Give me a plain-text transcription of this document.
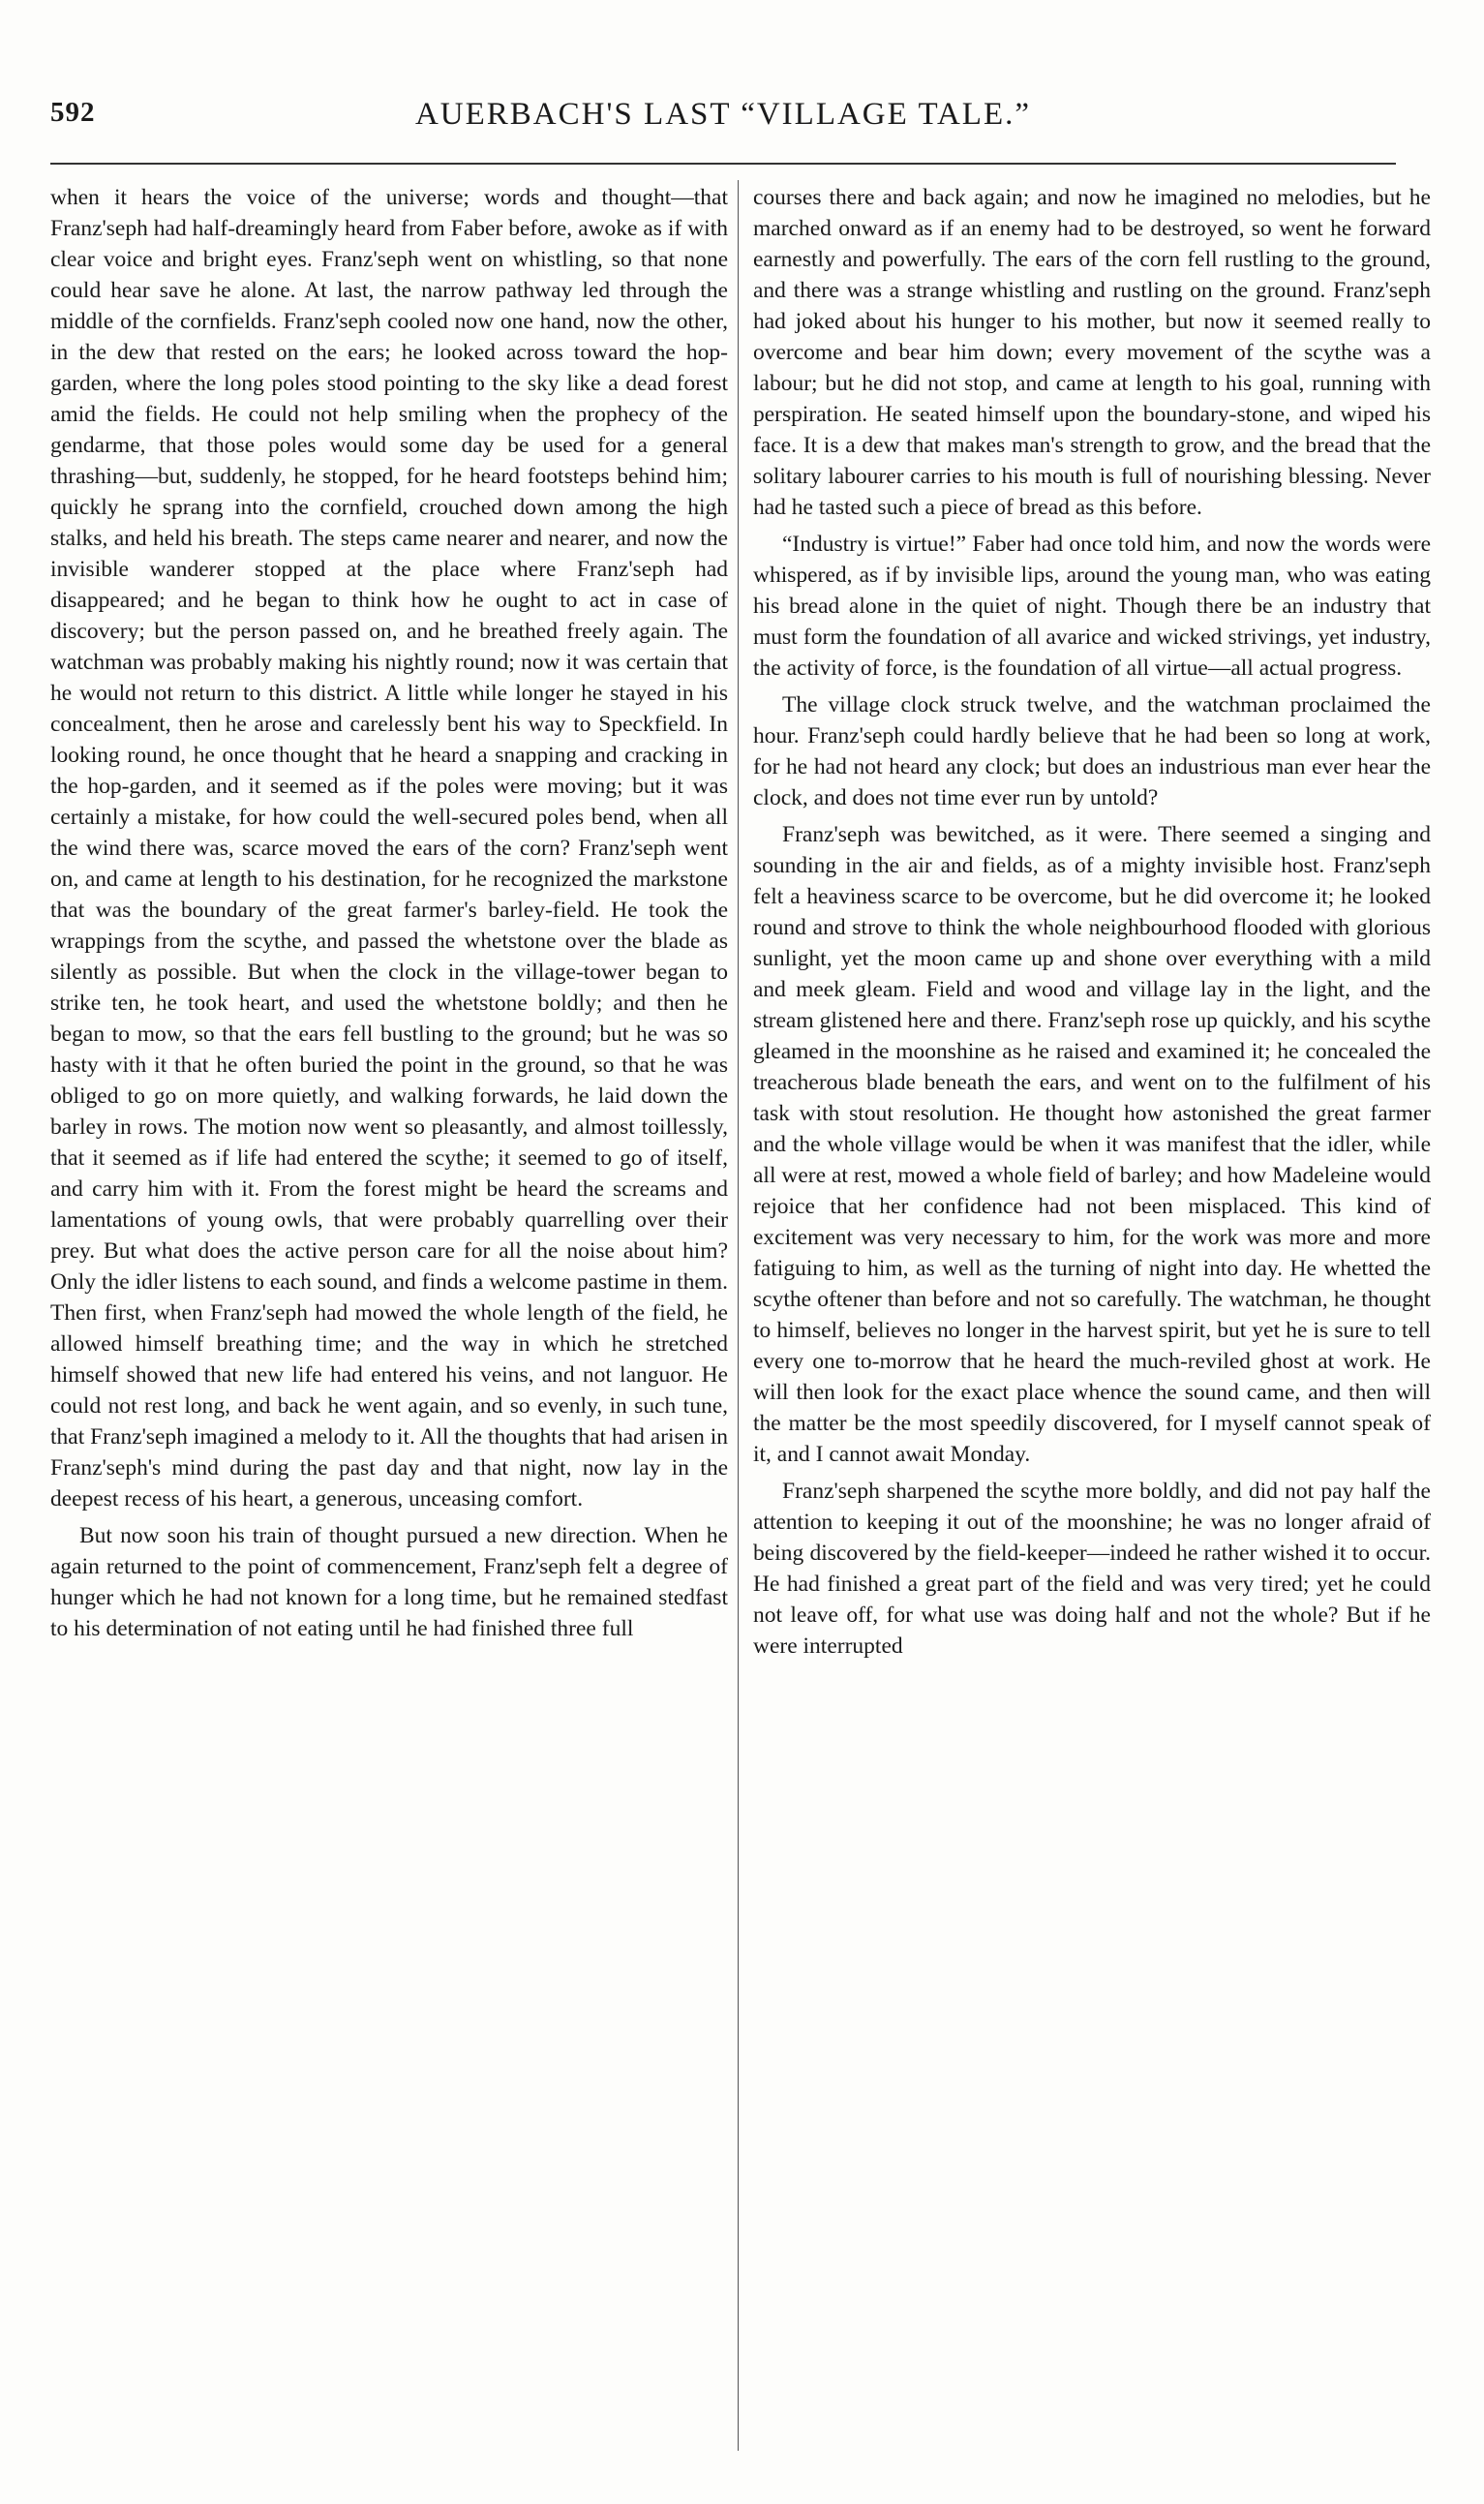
592	AUERBACH'S LAST “VILLAGE TALE.”

when it hears the voice of the universe; words and thought—that Franz'seph had half-dreamingly heard from Faber before, awoke as if with clear voice and bright eyes. Franz'seph went on whistling, so that none could hear save he alone. At last, the narrow pathway led through the middle of the cornfields. Franz'seph cooled now one hand, now the other, in the dew that rested on the ears; he looked across toward the hop-garden, where the long poles stood pointing to the sky like a dead forest amid the fields. He could not help smiling when the prophecy of the gendarme, that those poles would some day be used for a general thrashing—but, suddenly, he stopped, for he heard footsteps behind him; quickly he sprang into the cornfield, crouched down among the high stalks, and held his breath. The steps came nearer and nearer, and now the invisible wanderer stopped at the place where Franz'seph had disappeared; and he began to think how he ought to act in case of discovery; but the person passed on, and he breathed freely again. The watchman was probably making his nightly round; now it was certain that he would not return to this district. A little while longer he stayed in his concealment, then he arose and carelessly bent his way to Speckfield. In looking round, he once thought that he heard a snapping and cracking in the hop-garden, and it seemed as if the poles were moving; but it was certainly a mistake, for how could the well-secured poles bend, when all the wind there was, scarce moved the ears of the corn? Franz'seph went on, and came at length to his destination, for he recognized the markstone that was the boundary of the great farmer's barley-field. He took the wrappings from the scythe, and passed the whetstone over the blade as silently as possible. But when the clock in the village-tower began to strike ten, he took heart, and used the whetstone boldly; and then he began to mow, so that the ears fell bustling to the ground; but he was so hasty with it that he often buried the point in the ground, so that he was obliged to go on more quietly, and walking forwards, he laid down the barley in rows. The motion now went so pleasantly, and almost toillessly, that it seemed as if life had entered the scythe; it seemed to go of itself, and carry him with it. From the forest might be heard the screams and lamentations of young owls, that were probably quarrelling over their prey. But what does the active person care for all the noise about him? Only the idler listens to each sound, and finds a welcome pastime in them. Then first, when Franz'seph had mowed the whole length of the field, he allowed himself breathing time; and the way in which he stretched himself showed that new life had entered his veins, and not languor. He could not rest long, and back he went again, and so evenly, in such tune, that Franz'seph imagined a melody to it. All the thoughts that had arisen in Franz'seph's mind during the past day and that night, now lay in the deepest recess of his heart, a generous, unceasing comfort.

But now soon his train of thought pursued a new direction. When he again returned to the point of commencement, Franz'seph felt a degree of hunger which he had not known for a long time, but he remained stedfast to his determination of not eating until he had finished three full

courses there and back again; and now he imagined no melodies, but he marched onward as if an enemy had to be destroyed, so went he forward earnestly and powerfully. The ears of the corn fell rustling to the ground, and there was a strange whistling and rustling on the ground. Franz'seph had joked about his hunger to his mother, but now it seemed really to overcome and bear him down; every movement of the scythe was a labour; but he did not stop, and came at length to his goal, running with perspiration. He seated himself upon the boundary-stone, and wiped his face. It is a dew that makes man's strength to grow, and the bread that the solitary labourer carries to his mouth is full of nourishing blessing. Never had he tasted such a piece of bread as this before.

“Industry is virtue!” Faber had once told him, and now the words were whispered, as if by invisible lips, around the young man, who was eating his bread alone in the quiet of night. Though there be an industry that must form the foundation of all avarice and wicked strivings, yet industry, the activity of force, is the foundation of all virtue—all actual progress.

The village clock struck twelve, and the watchman proclaimed the hour. Franz'seph could hardly believe that he had been so long at work, for he had not heard any clock; but does an industrious man ever hear the clock, and does not time ever run by untold?

Franz'seph was bewitched, as it were. There seemed a singing and sounding in the air and fields, as of a mighty invisible host. Franz'seph felt a heaviness scarce to be overcome, but he did overcome it; he looked round and strove to think the whole neighbourhood flooded with glorious sunlight, yet the moon came up and shone over everything with a mild and meek gleam. Field and wood and village lay in the light, and the stream glistened here and there. Franz'seph rose up quickly, and his scythe gleamed in the moonshine as he raised and examined it; he concealed the treacherous blade beneath the ears, and went on to the fulfilment of his task with stout resolution. He thought how astonished the great farmer and the whole village would be when it was manifest that the idler, while all were at rest, mowed a whole field of barley; and how Madeleine would rejoice that her confidence had not been misplaced. This kind of excitement was very necessary to him, for the work was more and more fatiguing to him, as well as the turning of night into day. He whetted the scythe oftener than before and not so carefully. The watchman, he thought to himself, believes no longer in the harvest spirit, but yet he is sure to tell every one to-morrow that he heard the much-reviled ghost at work. He will then look for the exact place whence the sound came, and then will the matter be the most speedily discovered, for I myself cannot speak of it, and I cannot await Monday.

Franz'seph sharpened the scythe more boldly, and did not pay half the attention to keeping it out of the moonshine; he was no longer afraid of being discovered by the field-keeper—indeed he rather wished it to occur. He had finished a great part of the field and was very tired; yet he could not leave off, for what use was doing half and not the whole? But if he were interrupted
